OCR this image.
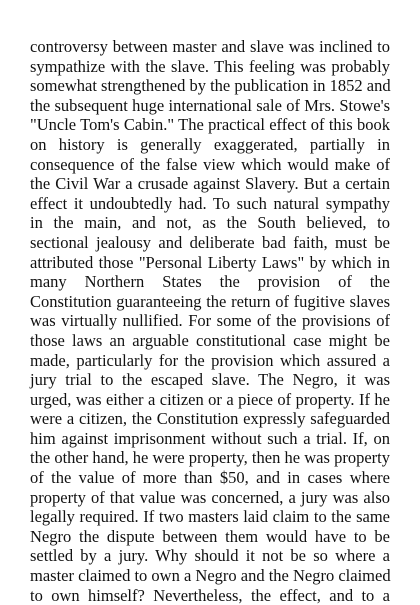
controversy between master and slave was inclined to
sympathize with the slave. This feeling was probably
somewhat strengthened by the publication in 1852 and
the subsequent huge international sale of Mrs. Stowe's
"Uncle Tom's Cabin." The practical effect of this book
on history is generally exaggerated, partially in
consequence of the false view which would make of
the Civil War a crusade against Slavery. But a certain
effect it undoubtedly had. To such natural sympathy
in the main, and not, as the South believed, to
sectional jealousy and deliberate bad faith, must be
attributed those "Personal Liberty Laws" by which in
many Northern States the provision of the
Constitution guaranteeing the return of fugitive slaves
was virtually nullified. For some of the provisions of
those laws an arguable constitutional case might be
made, particularly for the provision which assured a
jury trial to the escaped slave. The Negro, it was
urged, was either a citizen or a piece of property. If he
were a citizen, the Constitution expressly safeguarded
him against imprisonment without such a trial. If, on
the other hand, he were property, then he was property
of the value of more than $50, and in cases where
property of that value was concerned, a jury was also
legally required. If two masters laid claim to the same
Negro the dispute between them would have to be
settled by a jury. Why should it not be so where a
master claimed to own a Negro and the Negro claimed
to own himself? Nevertheless, the effect, and to a
